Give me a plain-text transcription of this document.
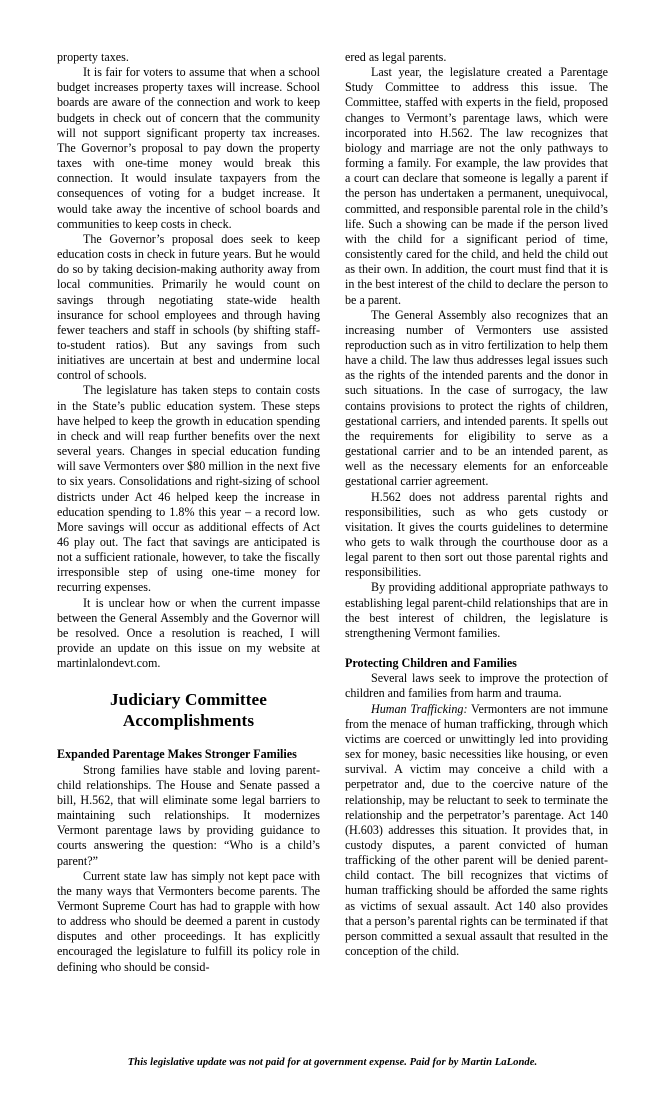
property taxes.

It is fair for voters to assume that when a school budget increases property taxes will increase. School boards are aware of the connection and work to keep budgets in check out of concern that the community will not support significant property tax increases. The Governor’s proposal to pay down the property taxes with one-time money would break this connection. It would insulate taxpayers from the consequences of voting for a budget increase. It would take away the incentive of school boards and communities to keep costs in check.

The Governor’s proposal does seek to keep education costs in check in future years. But he would do so by taking decision-making authority away from local communities. Primarily he would count on savings through negotiating state-wide health insurance for school employees and through having fewer teachers and staff in schools (by shifting staff-to-student ratios). But any savings from such initiatives are uncertain at best and undermine local control of schools.

The legislature has taken steps to contain costs in the State’s public education system. These steps have helped to keep the growth in education spending in check and will reap further benefits over the next several years. Changes in special education funding will save Vermonters over $80 million in the next five to six years. Consolidations and right-sizing of school districts under Act 46 helped keep the increase in education spending to 1.8% this year – a record low. More savings will occur as additional effects of Act 46 play out. The fact that savings are anticipated is not a sufficient rationale, however, to take the fiscally irresponsible step of using one-time money for recurring expenses.

It is unclear how or when the current impasse between the General Assembly and the Governor will be resolved. Once a resolution is reached, I will provide an update on this issue on my website at martinlalondevt.com.

Judiciary Committee Accomplishments
Expanded Parentage Makes Stronger Families

Strong families have stable and loving parent-child relationships. The House and Senate passed a bill, H.562, that will eliminate some legal barriers to maintaining such relationships. It modernizes Vermont parentage laws by providing guidance to courts answering the question: “Who is a child’s parent?”

Current state law has simply not kept pace with the many ways that Vermonters become parents. The Vermont Supreme Court has had to grapple with how to address who should be deemed a parent in custody disputes and other proceedings. It has explicitly encouraged the legislature to fulfill its policy role in defining who should be consid-

ered as legal parents.

Last year, the legislature created a Parentage Study Committee to address this issue. The Committee, staffed with experts in the field, proposed changes to Vermont’s parentage laws, which were incorporated into H.562. The law recognizes that biology and marriage are not the only pathways to forming a family. For example, the law provides that a court can declare that someone is legally a parent if the person has undertaken a permanent, unequivocal, committed, and responsible parental role in the child’s life. Such a showing can be made if the person lived with the child for a significant period of time, consistently cared for the child, and held the child out as their own. In addition, the court must find that it is in the best interest of the child to declare the person to be a parent.

The General Assembly also recognizes that an increasing number of Vermonters use assisted reproduction such as in vitro fertilization to help them have a child. The law thus addresses legal issues such as the rights of the intended parents and the donor in such situations. In the case of surrogacy, the law contains provisions to protect the rights of children, gestational carriers, and intended parents. It spells out the requirements for eligibility to serve as a gestational carrier and to be an intended parent, as well as the necessary elements for an enforceable gestational carrier agreement.

H.562 does not address parental rights and responsibilities, such as who gets custody or visitation. It gives the courts guidelines to determine who gets to walk through the courthouse door as a legal parent to then sort out those parental rights and responsibilities.

By providing additional appropriate pathways to establishing legal parent-child relationships that are in the best interest of children, the legislature is strengthening Vermont families.

Protecting Children and Families

Several laws seek to improve the protection of children and families from harm and trauma.

Human Trafficking: Vermonters are not immune from the menace of human trafficking, through which victims are coerced or unwittingly led into providing sex for money, basic necessities like housing, or even survival. A victim may conceive a child with a perpetrator and, due to the coercive nature of the relationship, may be reluctant to seek to terminate the relationship and the perpetrator’s parentage. Act 140 (H.603) addresses this situation. It provides that, in custody disputes, a parent convicted of human trafficking of the other parent will be denied parent-child contact. The bill recognizes that victims of human trafficking should be afforded the same rights as victims of sexual assault. Act 140 also provides that a person’s parental rights can be terminated if that person committed a sexual assault that resulted in the conception of the child.

This legislative update was not paid for at government expense. Paid for by Martin LaLonde.
